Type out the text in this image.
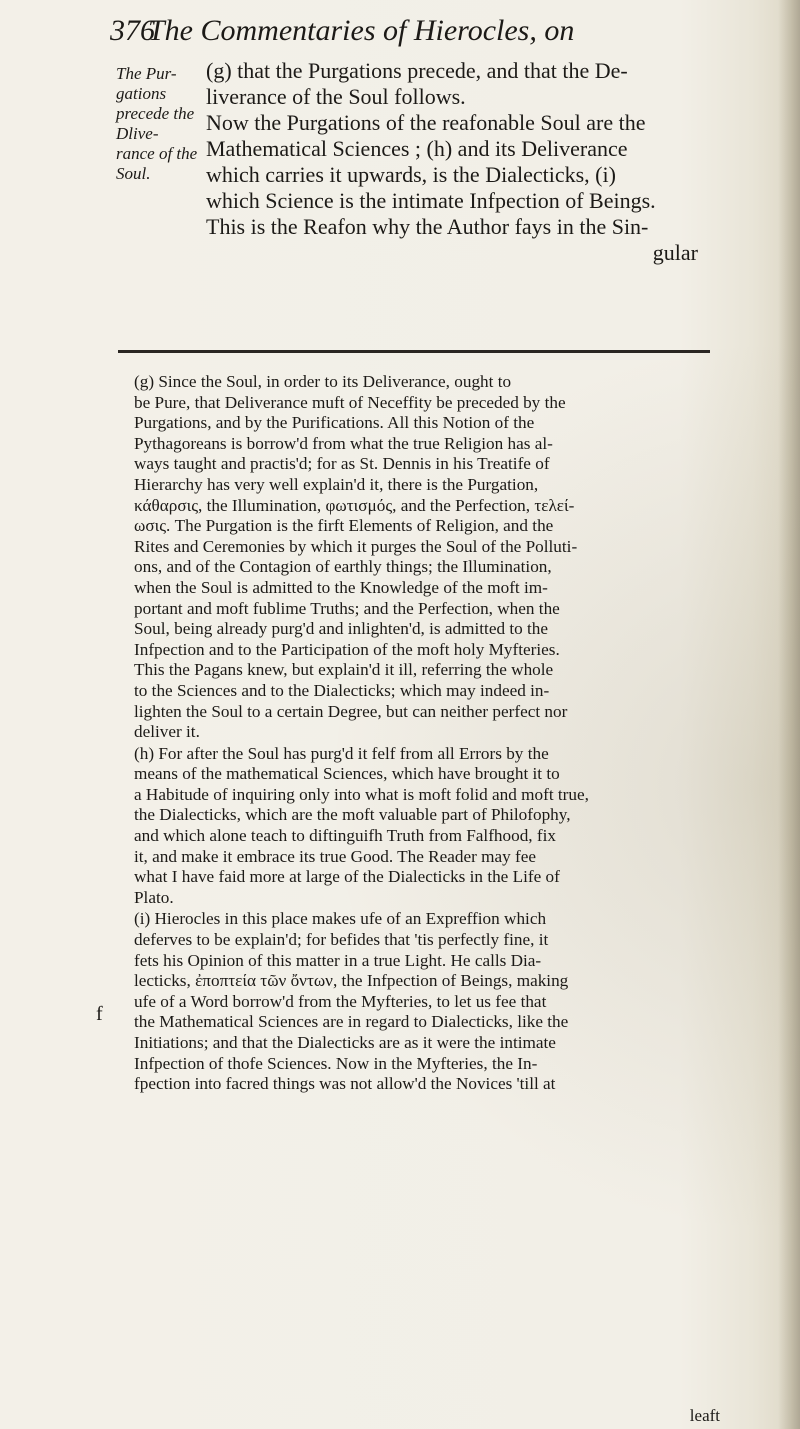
376
The Commentaries of Hierocles, on
The Pur-
gations
precede the
Dlive-
rance of the
Soul.
(g) that the Purgations precede, and that the De-
liverance of the Soul follows.
Now the Purgations of the reafonable Soul are the
Mathematical Sciences ; (h) and its Deliverance
which carries it upwards, is the Dialecticks, (i)
which Science is the intimate Infpection of Beings.
This is the Reafon why the Author fays in the Sin-
gular

(g) Since the Soul, in order to its Deliverance, ought to
be Pure, that Deliverance muft of Neceffity be preceded by the
Purgations, and by the Purifications. All this Notion of the
Pythagoreans is borrow'd from what the true Religion has al-
ways taught and practis'd; for as St. Dennis in his Treatife of
Hierarchy has very well explain'd it, there is the Purgation,
κάθαρσις, the Illumination, φωτισμός, and the Perfection, τελεί-
ωσις. The Purgation is the firft Elements of Religion, and the
Rites and Ceremonies by which it purges the Soul of the Polluti-
ons, and of the Contagion of earthly things; the Illumination,
when the Soul is admitted to the Knowledge of the moft im-
portant and moft fublime Truths; and the Perfection, when the
Soul, being already purg'd and inlighten'd, is admitted to the
Infpection and to the Participation of the moft holy Myfteries.
This the Pagans knew, but explain'd it ill, referring the whole
to the Sciences and to the Dialecticks; which may indeed in-
lighten the Soul to a certain Degree, but can neither perfect nor
deliver it.

(h) For after the Soul has purg'd it felf from all Errors by the
means of the mathematical Sciences, which have brought it to
a Habitude of inquiring only into what is moft folid and moft true,
the Dialecticks, which are the moft valuable part of Philofophy,
and which alone teach to diftinguifh Truth from Falfhood, fix
it, and make it embrace its true Good. The Reader may fee
what I have faid more at large of the Dialecticks in the Life of
Plato.

(i) Hierocles in this place makes ufe of an Expreffion which
deferves to be explain'd; for befides that 'tis perfectly fine, it
fets his Opinion of this matter in a true Light. He calls Dia-
lecticks, ἐποπτεία τῶν ὄντων, the Infpection of Beings, making
ufe of a Word borrow'd from the Myfteries, to let us fee that
the Mathematical Sciences are in regard to Dialecticks, like the
Initiations; and that the Dialecticks are as it were the intimate
Infpection of thofe Sciences. Now in the Myfteries, the In-
fpection into facred things was not allow'd the Novices 'till at

f
leaft
